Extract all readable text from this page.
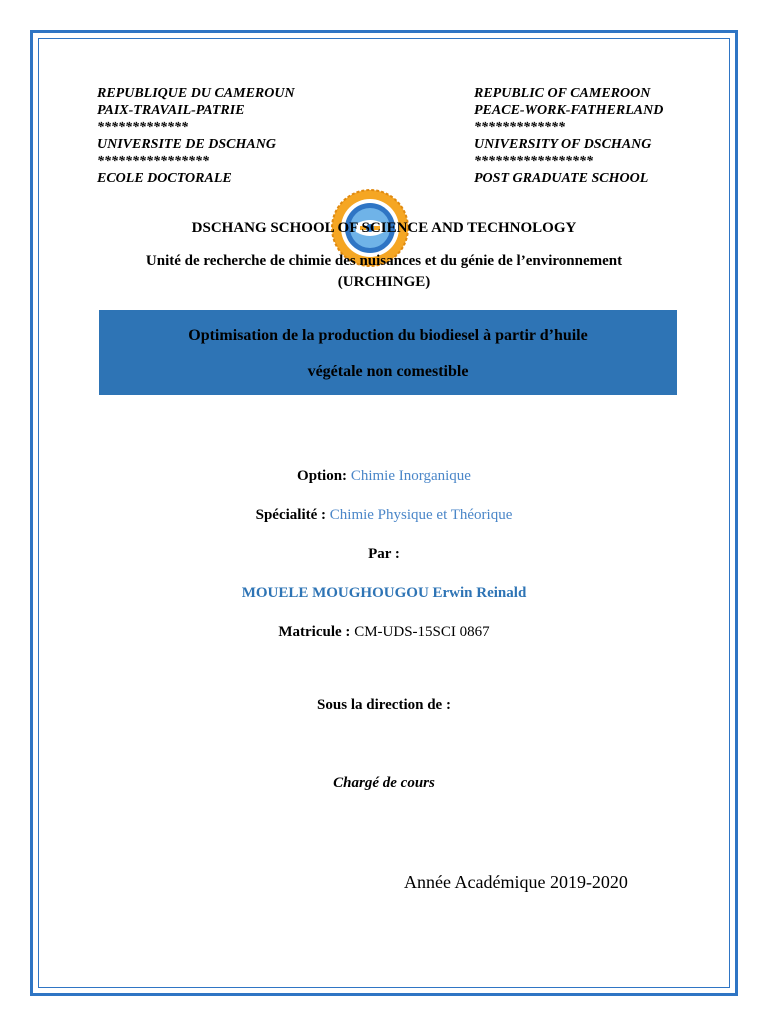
REPUBLIQUE DU CAMEROUN
PAIX-TRAVAIL-PATRIE
*************
UNIVERSITE DE DSCHANG
****************
ECOLE DOCTORALE
REPUBLIC OF CAMEROON
PEACE-WORK-FATHERLAND
*************
UNIVERSITY OF DSCHANG
*****************
POST GRADUATE SCHOOL
DSCHANG SCHOOL OF SCIENCE AND TECHNOLOGY
Unité de recherche de chimie des nuisances et du génie de l’environnement
(URCHINGE)
Optimisation de la production du biodiesel à partir d’huile
végétale non comestible
Option: Chimie Inorganique
Spécialité : Chimie Physique et Théorique
Par :
MOUELE MOUGHOUGOU Erwin Reinald
Matricule : CM-UDS-15SCI 0867
Sous la direction de :
Chargé de cours
Année Académique 2019-2020
